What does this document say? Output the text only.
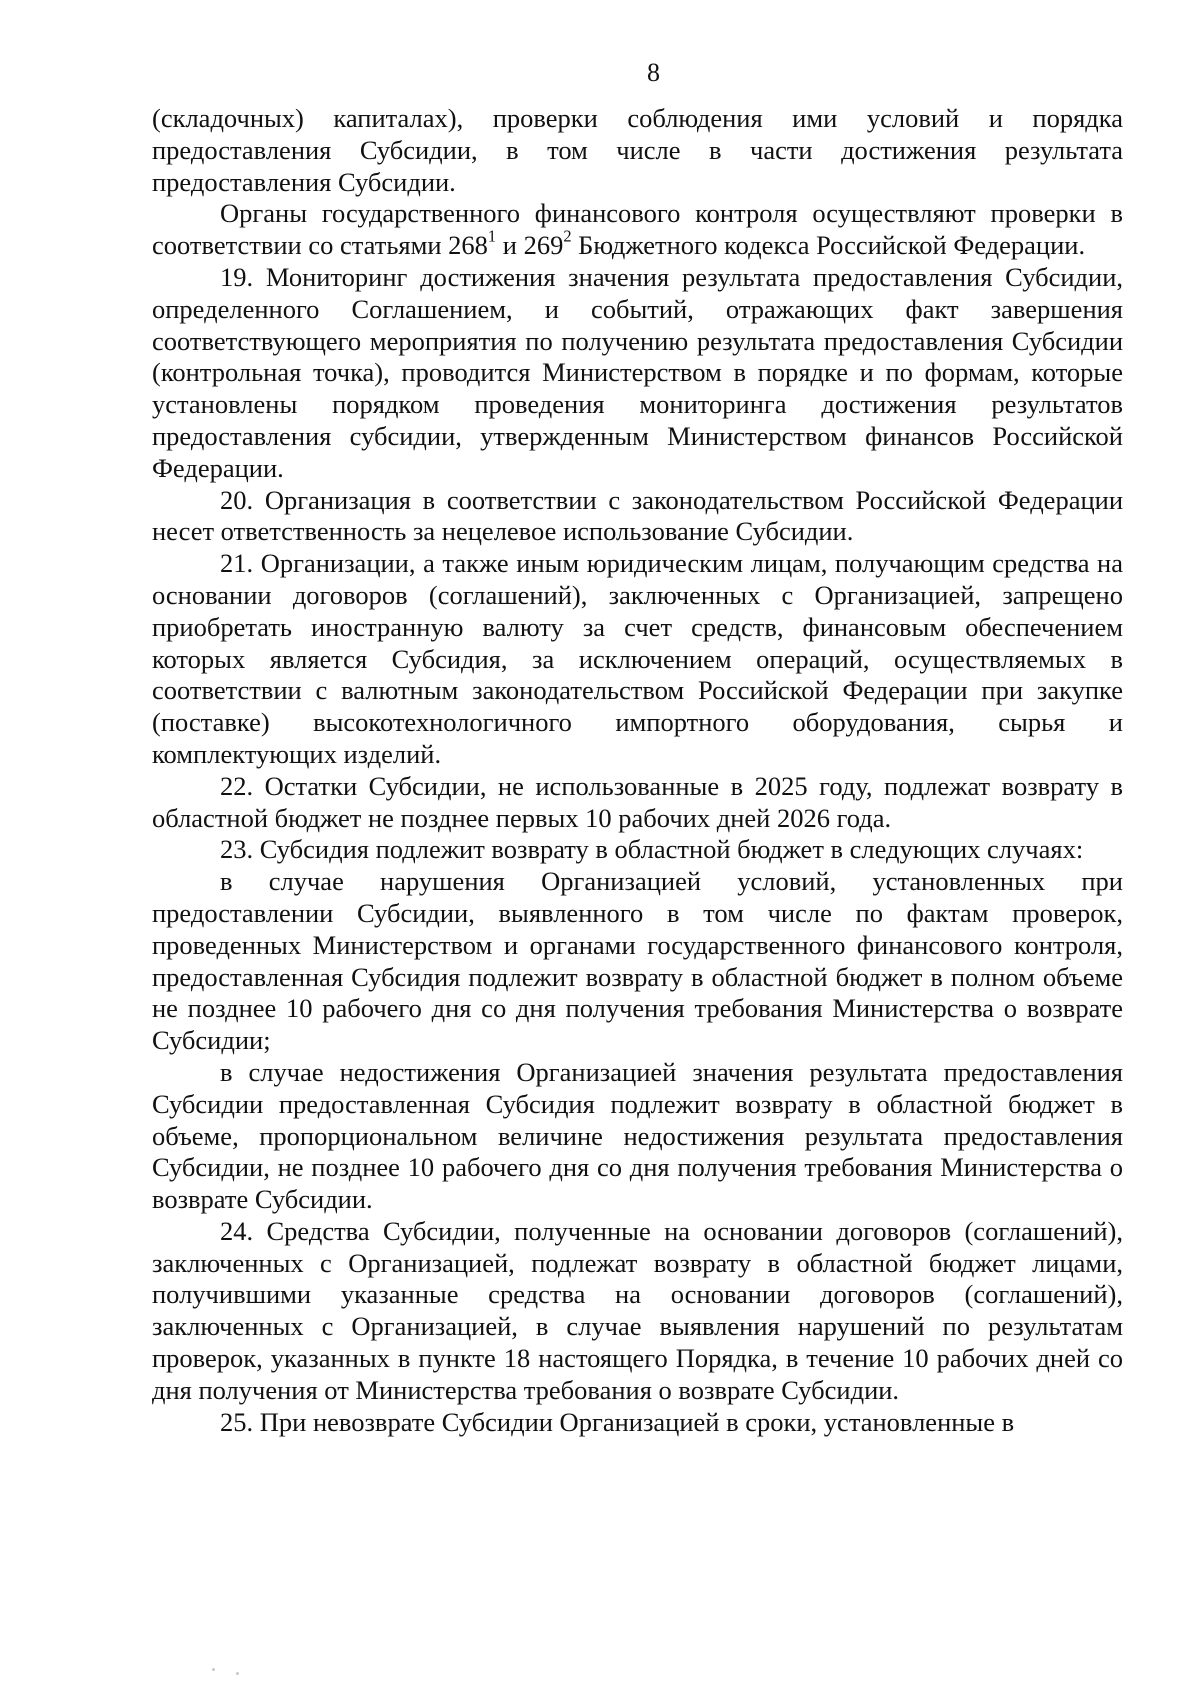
8

(складочных) капиталах), проверки соблюдения ими условий и порядка предоставления Субсидии, в том числе в части достижения результата предоставления Субсидии.

Органы государственного финансового контроля осуществляют проверки в соответствии со статьями $268^1$ и $269^2$ Бюджетного кодекса Российской Федерации.

19. Мониторинг достижения значения результата предоставления Субсидии, определенного Соглашением, и событий, отражающих факт завершения соответствующего мероприятия по получению результата предоставления Субсидии (контрольная точка), проводится Министерством в порядке и по формам, которые установлены порядком проведения мониторинга достижения результатов предоставления субсидии, утвержденным Министерством финансов Российской Федерации.

20. Организация в соответствии с законодательством Российской Федерации несет ответственность за нецелевое использование Субсидии.

21. Организации, а также иным юридическим лицам, получающим средства на основании договоров (соглашений), заключенных с Организацией, запрещено приобретать иностранную валюту за счет средств, финансовым обеспечением которых является Субсидия, за исключением операций, осуществляемых в соответствии с валютным законодательством Российской Федерации при закупке (поставке) высокотехнологичного импортного оборудования, сырья и комплектующих изделий.

22. Остатки Субсидии, не использованные в 2025 году, подлежат возврату в областной бюджет не позднее первых 10 рабочих дней 2026 года.

23. Субсидия подлежит возврату в областной бюджет в следующих случаях:

в случае нарушения Организацией условий, установленных при предоставлении Субсидии, выявленного в том числе по фактам проверок, проведенных Министерством и органами государственного финансового контроля, предоставленная Субсидия подлежит возврату в областной бюджет в полном объеме не позднее 10 рабочего дня со дня получения требования Министерства о возврате Субсидии;

в случае недостижения Организацией значения результата предоставления Субсидии предоставленная Субсидия подлежит возврату в областной бюджет в объеме, пропорциональном величине недостижения результата предоставления Субсидии, не позднее 10 рабочего дня со дня получения требования Министерства о возврате Субсидии.

24. Средства Субсидии, полученные на основании договоров (соглашений), заключенных с Организацией, подлежат возврату в областной бюджет лицами, получившими указанные средства на основании договоров (соглашений), заключенных с Организацией, в случае выявления нарушений по результатам проверок, указанных в пункте 18 настоящего Порядка, в течение 10 рабочих дней со дня получения от Министерства требования о возврате Субсидии.

25. При невозврате Субсидии Организацией в сроки, установленные в
